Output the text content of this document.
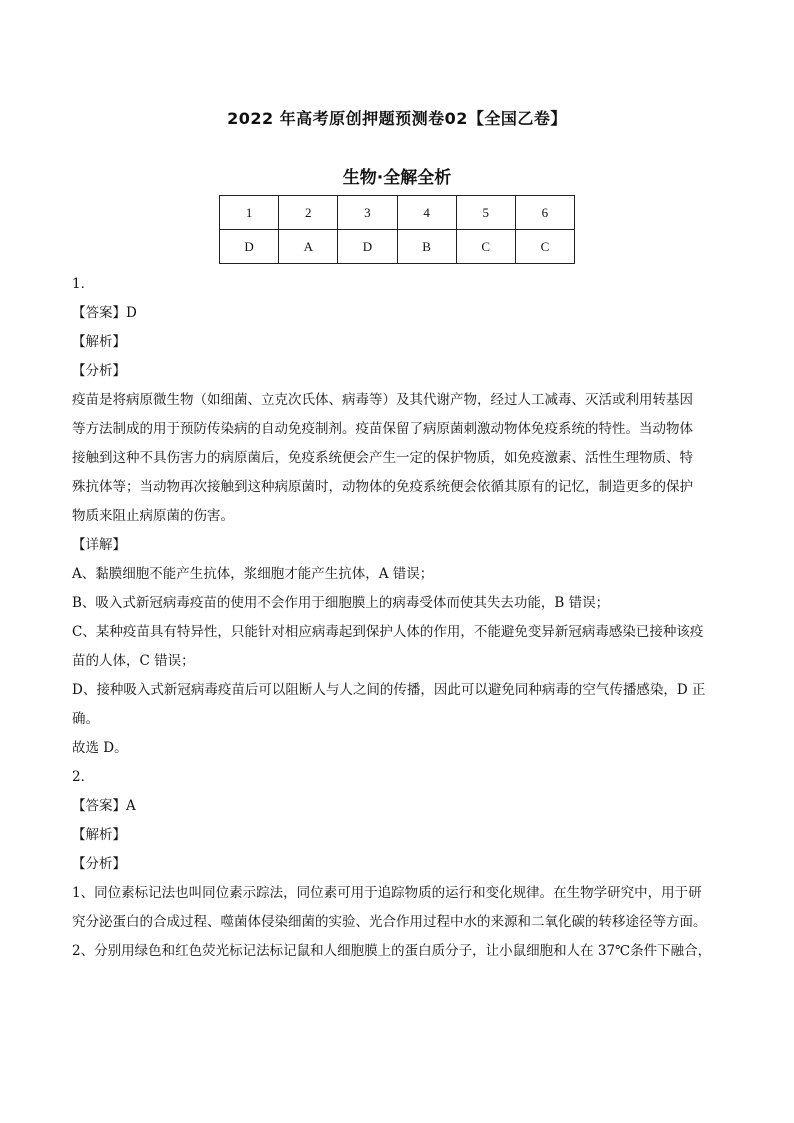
2022 年高考原创押题预测卷02【全国乙卷】
生物·全解全析
1	2	3	4	5	6
D	A	D	B	C	C

1．

【答案】D

【解析】

【分析】

疫苗是将病原微生物（如细菌、立克次氏体、病毒等）及其代谢产物，经过人工减毒、灭活或利用转基因

等方法制成的用于预防传染病的自动免疫制剂。疫苗保留了病原菌刺激动物体免疫系统的特性。当动物体

接触到这种不具伤害力的病原菌后，免疫系统便会产生一定的保护物质，如免疫激素、活性生理物质、特

殊抗体等；当动物再次接触到这种病原菌时，动物体的免疫系统便会依循其原有的记忆，制造更多的保护

物质来阻止病原菌的伤害。

【详解】

A、黏膜细胞不能产生抗体，浆细胞才能产生抗体，A 错误；

B、吸入式新冠病毒疫苗的使用不会作用于细胞膜上的病毒受体而使其失去功能，B 错误；

C、某种疫苗具有特异性，只能针对相应病毒起到保护人体的作用，不能避免变异新冠病毒感染已接种该疫

苗的人体，C 错误；

D、接种吸入式新冠病毒疫苗后可以阻断人与人之间的传播，因此可以避免同种病毒的空气传播感染，D 正

确。

故选 D。

2．

【答案】A

【解析】

【分析】

1、同位素标记法也叫同位素示踪法，同位素可用于追踪物质的运行和变化规律。在生物学研究中，用于研

究分泌蛋白的合成过程、噬菌体侵染细菌的实验、光合作用过程中水的来源和二氧化碳的转移途径等方面。

2、分别用绿色和红色荧光标记法标记鼠和人细胞膜上的蛋白质分子，让小鼠细胞和人在 37℃条件下融合，
